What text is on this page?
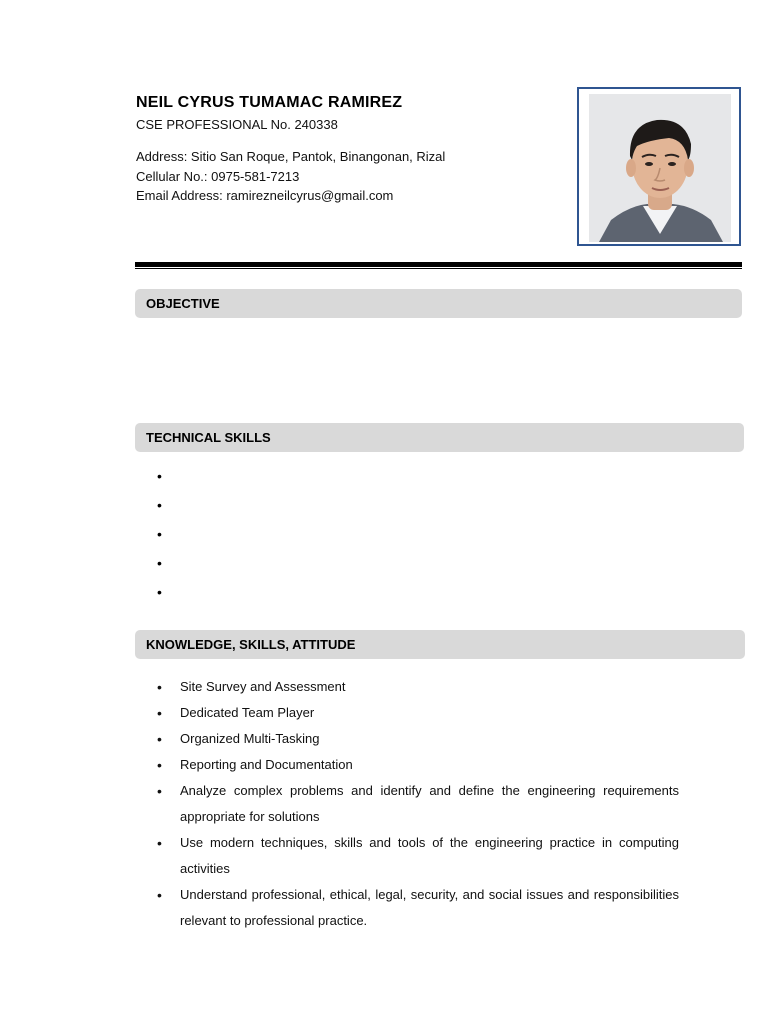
NEIL CYRUS TUMAMAC RAMIREZ
CSE PROFESSIONAL No. 240338
Address: Sitio San Roque, Pantok, Binangonan, Rizal
Cellular No.: 0975-581-7213
Email Address: ramirezneilcyrus@gmail.com
OBJECTIVE
TECHNICAL SKILLS
•
•
•
•
•
KNOWLEDGE, SKILLS, ATTITUDE
• Site Survey and Assessment
• Dedicated Team Player
• Organized Multi-Tasking
• Reporting and Documentation
• Analyze complex problems and identify and define the engineering requirements appropriate for solutions
• Use modern techniques, skills and tools of the engineering practice in computing activities
• Understand professional, ethical, legal, security, and social issues and responsibilities relevant to professional practice.
